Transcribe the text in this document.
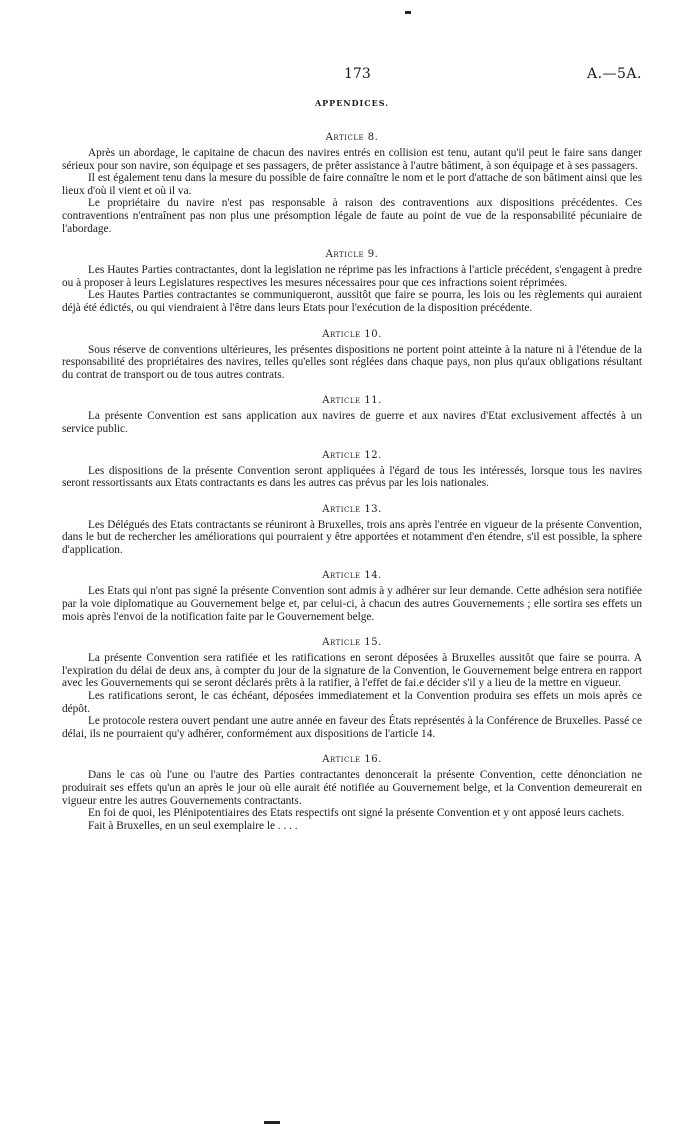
173	A.—5A.
APPENDICES.
Article 8.

Après un abordage, le capitaine de chacun des navires entrés en collision est tenu, autant qu'il peut le faire sans danger sérieux pour son navire, son équipage et ses passagers, de prêter assistance à l'autre bâtiment, à son équipage et à ses passagers.

Il est également tenu dans la mesure du possible de faire connaître le nom et le port d'attache de son bâtiment ainsi que les lieux d'où il vient et où il va.

Le propriétaire du navire n'est pas responsable à raison des contraventions aux dispositions précédentes. Ces contraventions n'entraînent pas non plus une présomption légale de faute au point de vue de la responsabilité pécuniaire de l'abordage.

Article 9.

Les Hautes Parties contractantes, dont la legislation ne réprime pas les infractions à l'article précédent, s'engagent à predre ou à proposer à leurs Legislatures respectives les mesures nécessaires pour que ces infractions soient réprimées.

Les Hautes Parties contractantes se communiqueront, aussitôt que faire se pourra, les lois ou les règlements qui auraient déjà été édictés, ou qui viendraient à l'être dans leurs Etats pour l'exécution de la disposition précédente.

Article 10.

Sous réserve de conventions ultérieures, les présentes dispositions ne portent point atteinte à la nature ni à l'étendue de la responsabilité des propriétaires des navires, telles qu'elles sont réglées dans chaque pays, non plus qu'aux obligations résultant du contrat de transport ou de tous autres contrats.

Article 11.

La présente Convention est sans application aux navires de guerre et aux navires d'Etat exclusivement affectés à un service public.

Article 12.

Les dispositions de la présente Convention seront appliquées à l'égard de tous les intéressés, lorsque tous les navires seront ressortissants aux Etats contractants es dans les autres cas prévus par les lois nationales.

Article 13.

Les Délégués des Etats contractants se réuniront à Bruxelles, trois ans après l'entrée en vigueur de la présente Convention, dans le but de rechercher les améliorations qui pourraient y être apportées et notamment d'en étendre, s'il est possible, la sphere d'application.

Article 14.

Les Etats qui n'ont pas signé la présente Convention sont admis à y adhérer sur leur demande. Cette adhésion sera notifiée par la voie diplomatique au Gouvernement belge et, par celui-ci, à chacun des autres Gouvernements ; elle sortira ses effets un mois après l'envoi de la notification faite par le Gouvernement belge.

Article 15.

La présente Convention sera ratifiée et les ratifications en seront déposées à Bruxelles aussitôt que faire se pourra. A l'expiration du délai de deux ans, à compter du jour de la signature de la Convention, le Gouvernement belge entrera en rapport avec les Gouvernements qui se seront déclarés prêts à la ratifier, à l'effet de fai.e décider s'il y a lieu de la mettre en vigueur.

Les ratifications seront, le cas échéant, déposées immediatement et la Convention produira ses effets un mois après ce dépôt.

Le protocole restera ouvert pendant une autre année en faveur des États représentés à la Conférence de Bruxelles. Passé ce délai, ils ne pourraient qu'y adhérer, conformément aux dispositions de l'article 14.

Article 16.

Dans le cas où l'une ou l'autre des Parties contractantes denoncerait la présente Convention, cette dénonciation ne produirait ses effets qu'un an après le jour où elle aurait été notifiée au Gouvernement belge, et la Convention demeurerait en vigueur entre les autres Gouvernements contractants.

En foi de quoi, les Plénipotentiaires des Etats respectifs ont signé la présente Convention et y ont apposé leurs cachets.

Fait à Bruxelles, en un seul exemplaire le . . . .
